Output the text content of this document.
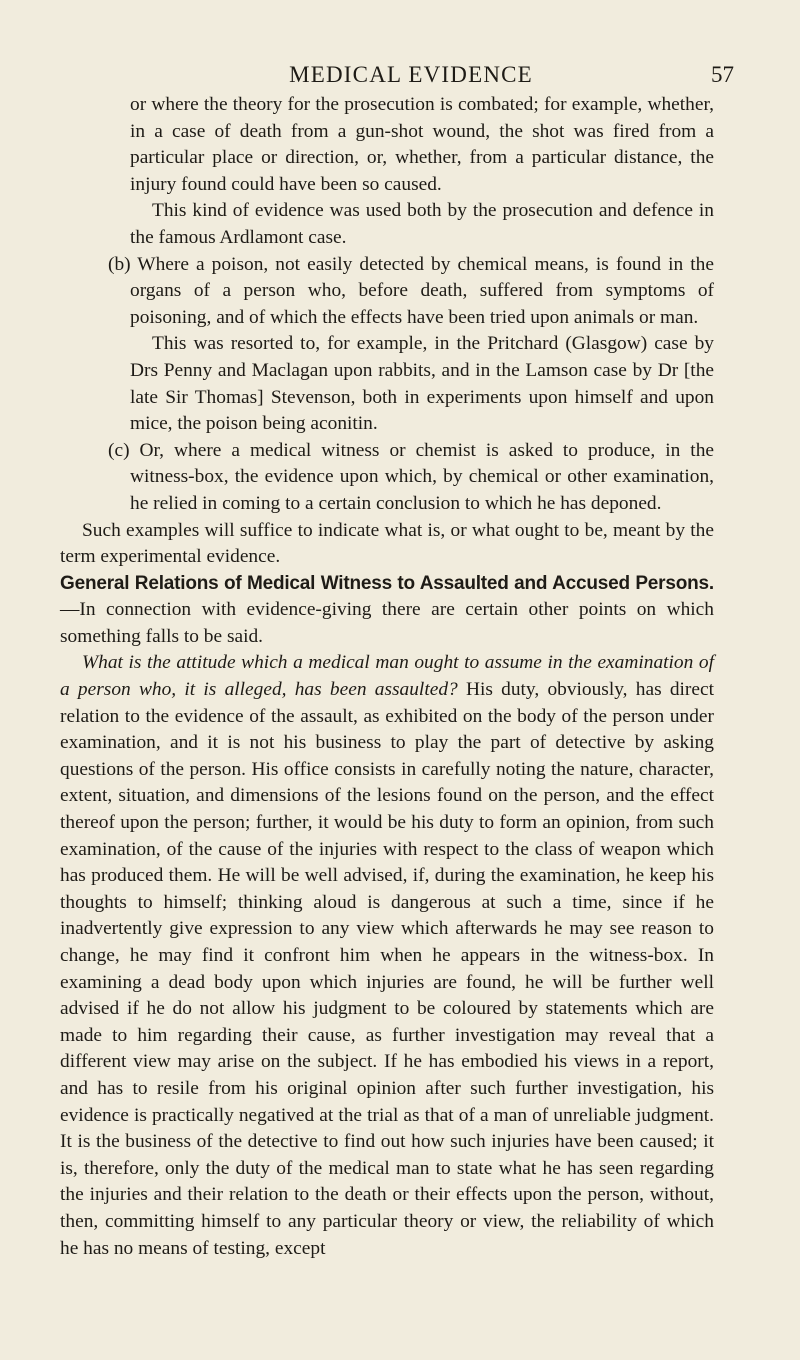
MEDICAL EVIDENCE	57

or where the theory for the prosecution is combated; for example, whether, in a case of death from a gun-shot wound, the shot was fired from a particular place or direction, or, whether, from a particular distance, the injury found could have been so caused.

This kind of evidence was used both by the prosecution and defence in the famous Ardlamont case.

(b) Where a poison, not easily detected by chemical means, is found in the organs of a person who, before death, suffered from symptoms of poisoning, and of which the effects have been tried upon animals or man.

This was resorted to, for example, in the Pritchard (Glasgow) case by Drs Penny and Maclagan upon rabbits, and in the Lamson case by Dr [the late Sir Thomas] Stevenson, both in experiments upon himself and upon mice, the poison being aconitin.

(c) Or, where a medical witness or chemist is asked to produce, in the witness-box, the evidence upon which, by chemical or other examination, he relied in coming to a certain conclusion to which he has deponed.

Such examples will suffice to indicate what is, or what ought to be, meant by the term experimental evidence.

General Relations of Medical Witness to Assaulted and Accused Persons.—In connection with evidence-giving there are certain other points on which something falls to be said.

What is the attitude which a medical man ought to assume in the examination of a person who, it is alleged, has been assaulted? His duty, obviously, has direct relation to the evidence of the assault, as exhibited on the body of the person under examination, and it is not his business to play the part of detective by asking questions of the person. His office consists in carefully noting the nature, character, extent, situation, and dimensions of the lesions found on the person, and the effect thereof upon the person; further, it would be his duty to form an opinion, from such examination, of the cause of the injuries with respect to the class of weapon which has produced them. He will be well advised, if, during the examination, he keep his thoughts to himself; thinking aloud is dangerous at such a time, since if he inadvertently give expression to any view which afterwards he may see reason to change, he may find it confront him when he appears in the witness-box. In examining a dead body upon which injuries are found, he will be further well advised if he do not allow his judgment to be coloured by statements which are made to him regarding their cause, as further investigation may reveal that a different view may arise on the subject. If he has embodied his views in a report, and has to resile from his original opinion after such further investigation, his evidence is practically negatived at the trial as that of a man of unreliable judgment. It is the business of the detective to find out how such injuries have been caused; it is, therefore, only the duty of the medical man to state what he has seen regarding the injuries and their relation to the death or their effects upon the person, without, then, committing himself to any particular theory or view, the reliability of which he has no means of testing, except
